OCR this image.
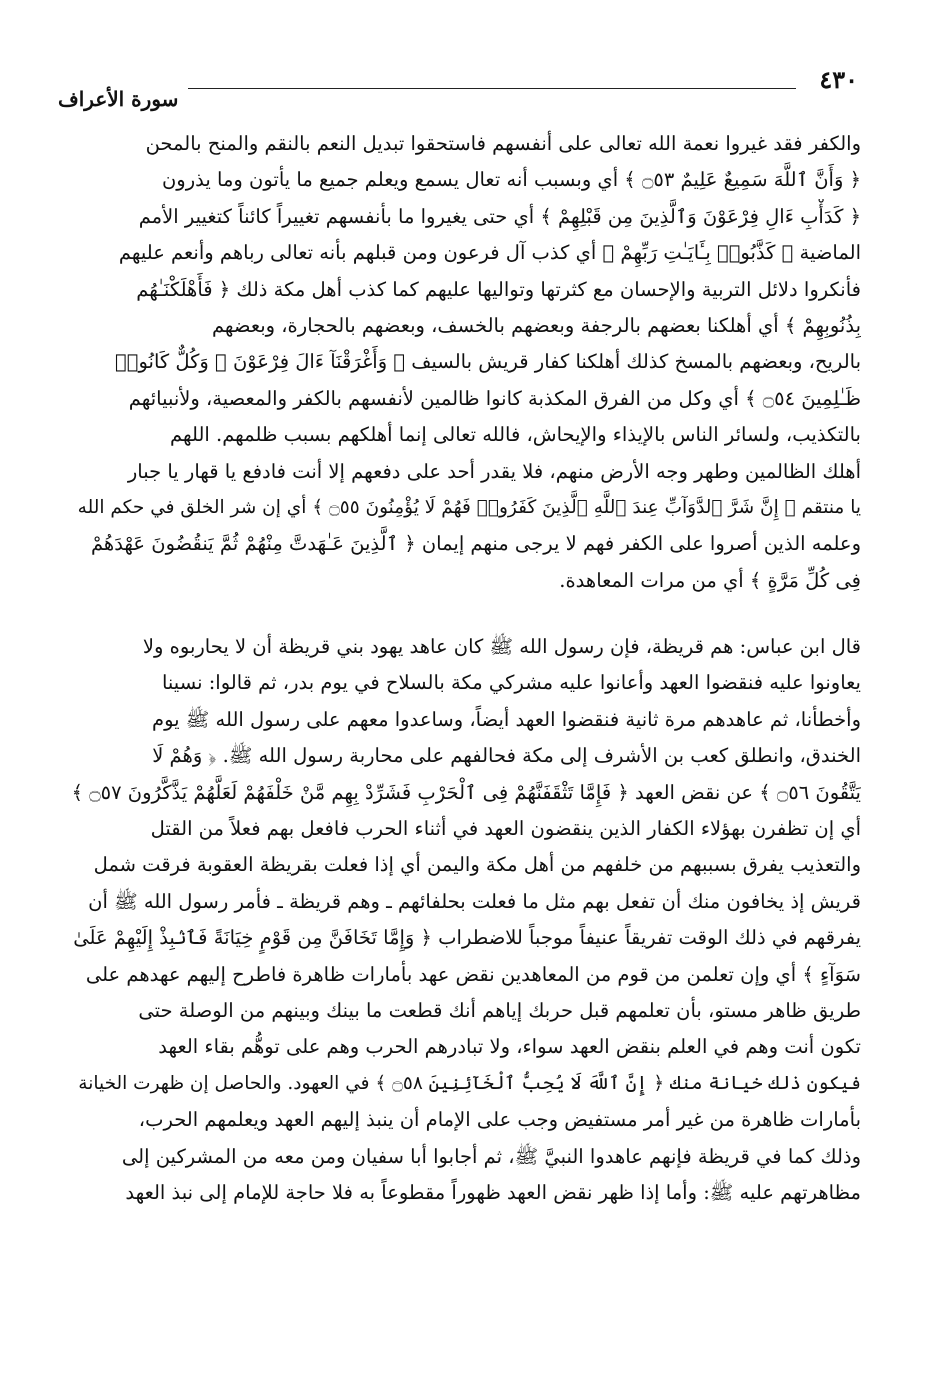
٤٣٠
سورة الأعراف
والكفر فقد غيروا نعمة الله تعالى على أنفسهم فاستحقوا تبديل النعم بالنقم والمنح بالمحن
﴿ وَأَنَّ ٱللَّهَ سَمِيعٌ عَلِيمٌ ۝٥٣ ﴾ أي وبسبب أنه تعال يسمع ويعلم جميع ما يأتون وما يذرون
﴿ كَدَأْبِ ءَالِ فِرْعَوْنَ وَٱلَّذِينَ مِن قَبْلِهِمْ ﴾ أي حتى يغيروا ما بأنفسهم تغييراً كائناً كتغيير الأمم
الماضية ﴿ كَذَّبُوا۟ بِـَٔايَـٰتِ رَبِّهِمْ ﴾ أي كذب آل فرعون ومن قبلهم بأنه تعالى رباهم وأنعم عليهم
فأنكروا دلائل التربية والإحسان مع كثرتها وتواليها عليهم كما كذب أهل مكة ذلك ﴿ فَأَهْلَكْنَـٰهُم
بِذُنُوبِهِمْ ﴾ أي أهلكنا بعضهم بالرجفة وبعضهم بالخسف، وبعضهم بالحجارة، وبعضهم
بالريح، وبعضهم بالمسخ كذلك أهلكنا كفار قريش بالسيف ﴿ وَأَغْرَقْنَآ ءَالَ فِرْعَوْنَ ۚ وَكُلٌّ كَانُوا۟
ظَـٰلِمِينَ ۝٥٤ ﴾ أي وكل من الفرق المكذبة كانوا ظالمين لأنفسهم بالكفر والمعصية، ولأنبيائهم
بالتكذيب، ولسائر الناس بالإيذاء والإيحاش، فالله تعالى إنما أهلكهم بسبب ظلمهم. اللهم
أهلك الظالمين وطهر وجه الأرض منهم، فلا يقدر أحد على دفعهم إلا أنت فادفع يا قهار يا جبار
يا منتقم ﴿ إِنَّ شَرَّ ٱلدَّوَآبِّ عِندَ ٱللَّهِ ٱلَّذِينَ كَفَرُوا۟ فَهُمْ لَا يُؤْمِنُونَ ۝٥٥ ﴾ أي إن شر الخلق في حكم الله
وعلمه الذين أصروا على الكفر فهم لا يرجى منهم إيمان ﴿ ٱلَّذِينَ عَـٰهَدتَّ مِنْهُمْ ثُمَّ يَنقُضُونَ عَهْدَهُمْ
فِى كُلِّ مَرَّةٍ ﴾ أي من مرات المعاهدة.
قال ابن عباس: هم قريظة، فإن رسول الله ﷺ كان عاهد يهود بني قريظة أن لا يحاربوه ولا
يعاونوا عليه فنقضوا العهد وأعانوا عليه مشركي مكة بالسلاح في يوم بدر، ثم قالوا: نسينا
وأخطأنا، ثم عاهدهم مرة ثانية فنقضوا العهد أيضاً، وساعدوا معهم على رسول الله ﷺ يوم
الخندق، وانطلق كعب بن الأشرف إلى مكة فحالفهم على محاربة رسول الله ﷺ. ﴿ وَهُمْ لَا
يَتَّقُونَ ۝٥٦ ﴾ عن نقض العهد ﴿ فَإِمَّا تَثْقَفَنَّهُمْ فِى ٱلْحَرْبِ فَشَرِّدْ بِهِم مَّنْ خَلْفَهُمْ لَعَلَّهُمْ يَذَّكَّرُونَ ۝٥٧ ﴾
أي إن تظفرن بهؤلاء الكفار الذين ينقضون العهد في أثناء الحرب فافعل بهم فعلاً من القتل
والتعذيب يفرق بسببهم من خلفهم من أهل مكة واليمن أي إذا فعلت بقريظة العقوبة فرقت شمل
قريش إذ يخافون منك أن تفعل بهم مثل ما فعلت بحلفائهم ـ وهم قريظة ـ فأمر رسول الله ﷺ أن
يفرقهم في ذلك الوقت تفريقاً عنيفاً موجباً للاضطراب ﴿ وَإِمَّا تَخَافَنَّ مِن قَوْمٍ خِيَانَةً فَٱنۢبِذْ إِلَيْهِمْ عَلَىٰ
سَوَآءٍ ﴾ أي وإن تعلمن من قوم من المعاهدين نقض عهد بأمارات ظاهرة فاطرح إليهم عهدهم على
طريق ظاهر مستو، بأن تعلمهم قبل حربك إياهم أنك قطعت ما بينك وبينهم من الوصلة حتى
تكون أنت وهم في العلم بنقض العهد سواء، ولا تبادرهم الحرب وهم على توهُّم بقاء العهد
فيكون ذلك خيانة منك ﴿ إِنَّ ٱللَّهَ لَا يُحِبُّ ٱلْخَآئِنِينَ ۝٥٨ ﴾ في العهود. والحاصل إن ظهرت الخيانة
بأمارات ظاهرة من غير أمر مستفيض وجب على الإمام أن ينبذ إليهم العهد ويعلمهم الحرب،
وذلك كما في قريظة فإنهم عاهدوا النبيَّ ﷺ، ثم أجابوا أبا سفيان ومن معه من المشركين إلى
مظاهرتهم عليه ﷺ: وأما إذا ظهر نقض العهد ظهوراً مقطوعاً به فلا حاجة للإمام إلى نبذ العهد
